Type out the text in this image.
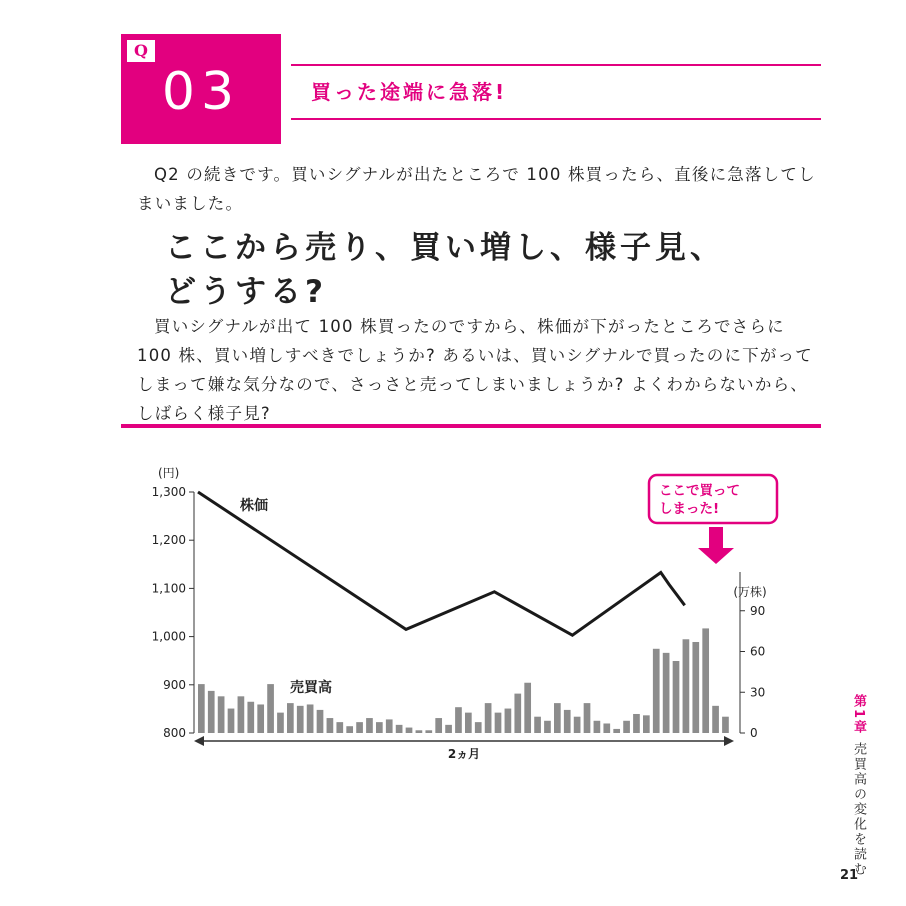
Q
03	買った途端に急落!

Q2 の続きです。買いシグナルが出たところで 100 株買ったら、直後に急落してしまいました。

ここから売り、買い増し、様子見、
どうする?

買いシグナルが出て 100 株買ったのですから、株価が下がったところでさらに 100 株、買い増しすべきでしょうか? あるいは、買いシグナルで買ったのに下がってしまって嫌な気分なので、さっさと売ってしまいましょうか? よくわからないから、しばらく様子見?

1,300
1,200
1,100
1,000
900
800
90
60
30
0
(円)
株価
売買高
(万株)
2ヵ月
ここで買ってしまった!
第1章
売買高の変化を読む
21
